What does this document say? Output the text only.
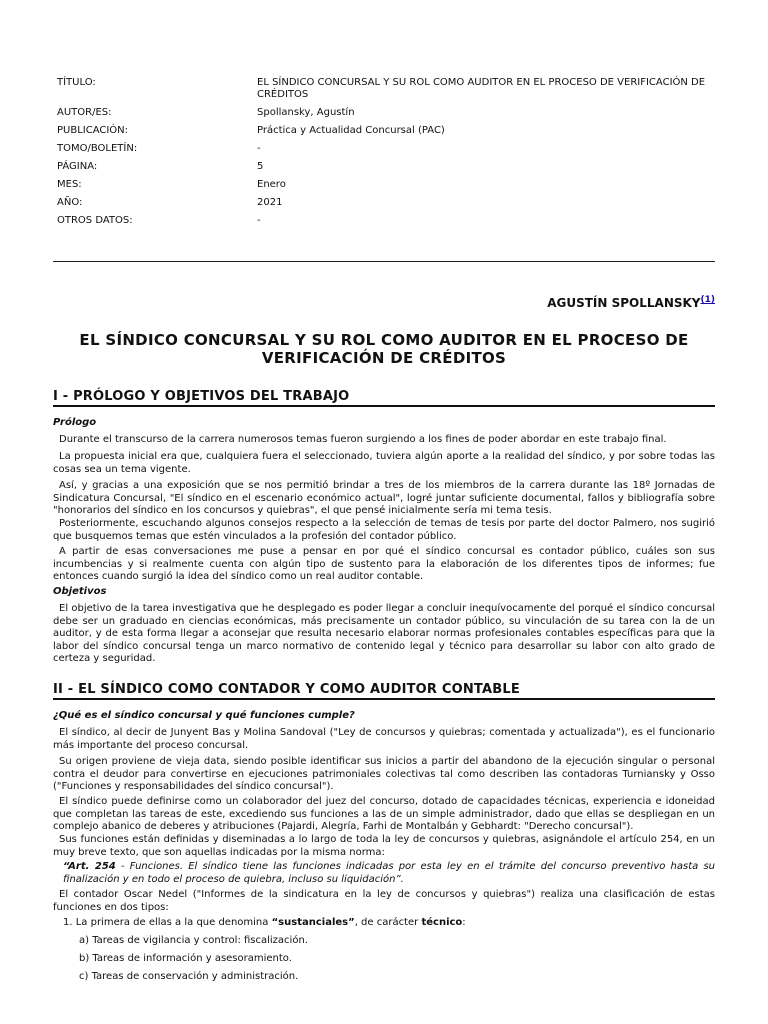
TÍTULO:	EL SÍNDICO CONCURSAL Y SU ROL COMO AUDITOR EN EL PROCESO DE VERIFICACIÓN DE CRÉDITOS
AUTOR/ES:	Spollansky, Agustín
PUBLICACIÓN:	Práctica y Actualidad Concursal (PAC)
TOMO/BOLETÍN:	-
PÁGINA:	5
MES:	Enero
AÑO:	2021
OTROS DATOS:	-
AGUSTÍN SPOLLANSKY$^{(1)}$
EL SÍNDICO CONCURSAL Y SU ROL COMO AUDITOR EN EL PROCESO DE VERIFICACIÓN DE CRÉDITOS
I - PRÓLOGO Y OBJETIVOS DEL TRABAJO
Prólogo

Durante el transcurso de la carrera numerosos temas fueron surgiendo a los fines de poder abordar en este trabajo final.

La propuesta inicial era que, cualquiera fuera el seleccionado, tuviera algún aporte a la realidad del síndico, y por sobre todas las cosas sea un tema vigente.

Así, y gracias a una exposición que se nos permitió brindar a tres de los miembros de la carrera durante las 18º Jornadas de Sindicatura Concursal, "El síndico en el escenario económico actual", logré juntar suficiente documental, fallos y bibliografía sobre "honorarios del síndico en los concursos y quiebras", el que pensé inicialmente sería mi tema tesis.

Posteriormente, escuchando algunos consejos respecto a la selección de temas de tesis por parte del doctor Palmero, nos sugirió que busquemos temas que estén vinculados a la profesión del contador público.

A partir de esas conversaciones me puse a pensar en por qué el síndico concursal es contador público, cuáles son sus incumbencias y si realmente cuenta con algún tipo de sustento para la elaboración de los diferentes tipos de informes; fue entonces cuando surgió la idea del síndico como un real auditor contable.

Objetivos

El objetivo de la tarea investigativa que he desplegado es poder llegar a concluir inequívocamente del porqué el síndico concursal debe ser un graduado en ciencias económicas, más precisamente un contador público, su vinculación de su tarea con la de un auditor, y de esta forma llegar a aconsejar que resulta necesario elaborar normas profesionales contables específicas para que la labor del síndico concursal tenga un marco normativo de contenido legal y técnico para desarrollar su labor con alto grado de certeza y seguridad.

II - EL SÍNDICO COMO CONTADOR Y COMO AUDITOR CONTABLE
¿Qué es el síndico concursal y qué funciones cumple?

El síndico, al decir de Junyent Bas y Molina Sandoval ("Ley de concursos y quiebras; comentada y actualizada"), es el funcionario más importante del proceso concursal.

Su origen proviene de vieja data, siendo posible identificar sus inicios a partir del abandono de la ejecución singular o personal contra el deudor para convertirse en ejecuciones patrimoniales colectivas tal como describen las contadoras Turniansky y Osso ("Funciones y responsabilidades del síndico concursal").

El síndico puede definirse como un colaborador del juez del concurso, dotado de capacidades técnicas, experiencia e idoneidad que completan las tareas de este, excediendo sus funciones a las de un simple administrador, dado que ellas se despliegan en un complejo abanico de deberes y atribuciones (Pajardi, Alegría, Farhi de Montalbán y Gebhardt: "Derecho concursal").

Sus funciones están definidas y diseminadas a lo largo de toda la ley de concursos y quiebras, asignándole el artículo 254, en un muy breve texto, que son aquellas indicadas por la misma norma:

“Art. 254 - Funciones. El síndico tiene las funciones indicadas por esta ley en el trámite del concurso preventivo hasta su finalización y en todo el proceso de quiebra, incluso su liquidación”.

El contador Oscar Nedel ("Informes de la sindicatura en la ley de concursos y quiebras") realiza una clasificación de estas funciones en dos tipos:

1. La primera de ellas a la que denomina “sustanciales”, de carácter técnico:
a) Tareas de vigilancia y control: fiscalización.
b) Tareas de información y asesoramiento.
c) Tareas de conservación y administración.
